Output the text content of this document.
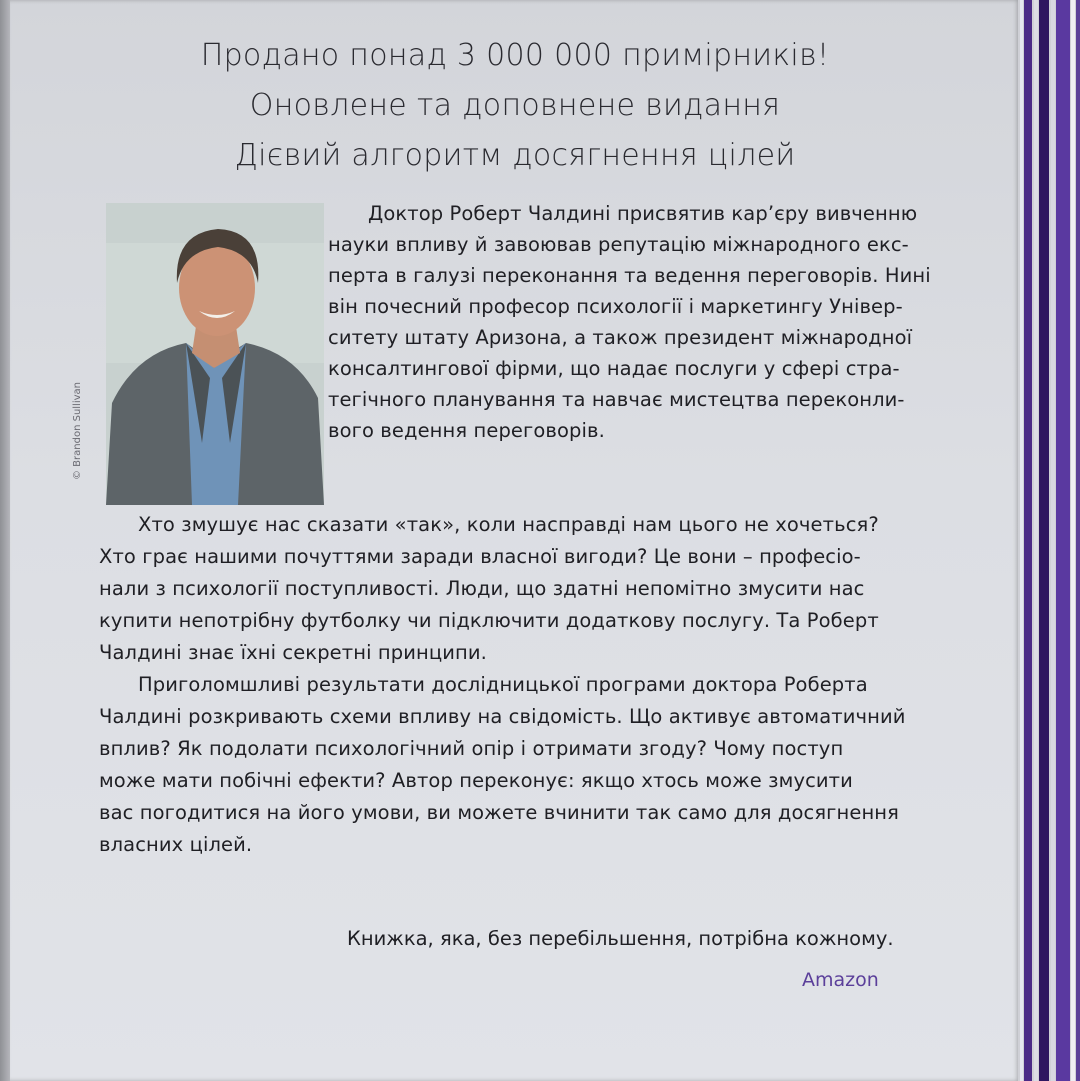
Продано понад 3 000 000 примірників!
Оновлене та доповнене видання
Дієвий алгоритм досягнення цілей
© Brandon Sullivan
Доктор Роберт Чалдині присвятив кар’єру вивченню
науки впливу й завоював репутацію міжнародного екс-
перта в галузі переконання та ведення переговорів. Нині
він почесний професор психології і маркетингу Універ-
ситету штату Аризона, а також президент міжнародної
консалтингової фірми, що надає послуги у сфері стра-
тегічного планування та навчає мистецтва переконли-
вого ведення переговорів.
Хто змушує нас сказати «так», коли насправді нам цього не хочеться?
Хто грає нашими почуттями заради власної вигоди? Це вони – професіо-
нали з психології поступливості. Люди, що здатні непомітно змусити нас
купити непотрібну футболку чи підключити додаткову послугу. Та Роберт
Чалдині знає їхні секретні принципи.
Приголомшливі результати дослідницької програми доктора Роберта
Чалдині розкривають схеми впливу на свідомість. Що активує автоматичний
вплив? Як подолати психологічний опір і отримати згоду? Чому поступ
може мати побічні ефекти? Автор переконує: якщо хтось може змусити
вас погодитися на його умови, ви можете вчинити так само для досягнення
власних цілей.
Книжка, яка, без перебільшення, потрібна кожному.
Amazon
